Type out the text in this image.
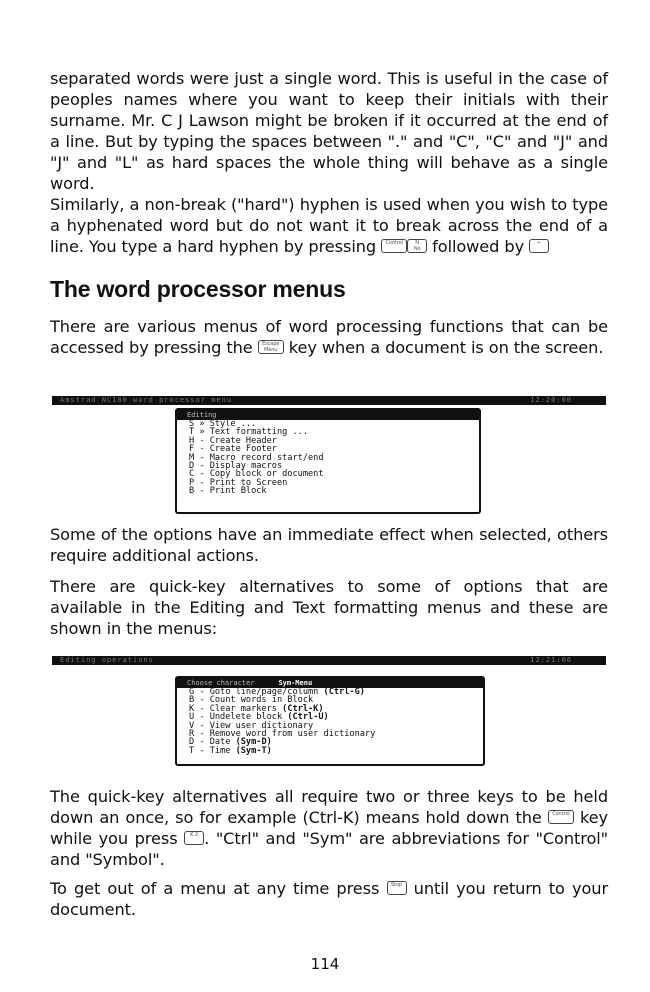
separated words were just a single word. This is useful in the case of peoples names where you want to keep their initials with their surname. Mr. C J Lawson might be broken if it occurred at the end of a line. But by typing the spaces between "." and "C", "C" and "J" and "J" and "L" as hard spaces the whole thing will behave as a single word.

Similarly, a non-break ("hard") hyphen is used when you wish to type a hyphenated word but do not want it to break across the end of a line. You type a hard hyphen by pressing Control N
No followed by	←

The word processor menus

There are various menus of word processing functions that can be accessed by pressing the Escape
Menu key when a document is on the screen.

Amstrad NC100 word processor menu	12:20:00
Editing
S » Style ...
T » Text formatting ...
H - Create Header
F - Create Footer
M - Macro record start/end
D - Display macros
C - Copy block or document
P - Print to Screen
B - Print Block

Some of the options have an immediate effect when selected, others require additional actions.

There are quick-key alternatives to some of options that are available in the Editing and Text formatting menus and these are shown in the menus:

Editing operations	12:21:06
Choose character	Sym-Menu
G - Goto line/page/column (Ctrl-G)
B - Count words in Block
K - Clear markers (Ctrl-K)
U - Undelete block (Ctrl-U)
V - View user dictionary
R - Remove word from user dictionary
D - Date (Sym-D)
T - Time (Sym-T)

The quick-key alternatives all require two or three keys to be held down an once, so for example (Ctrl-K) means hold down the Control key while you press	K 2 . "Ctrl" and "Sym" are abbreviations for "Control" and "Symbol".

To get out of a menu at any time press Stop until you return to your document.

114
